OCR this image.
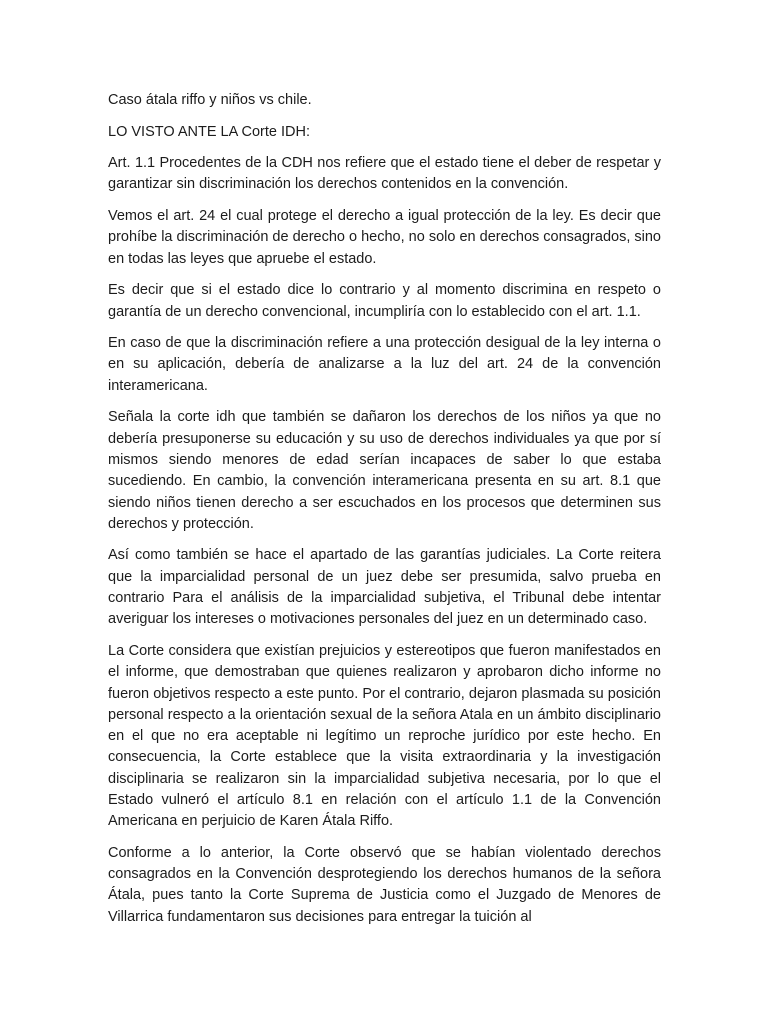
Caso átala riffo y niños vs chile.

LO VISTO ANTE LA Corte IDH:

Art. 1.1 Procedentes de la CDH nos refiere que el estado tiene el deber de respetar y garantizar sin discriminación los derechos contenidos en la convención.

Vemos el art. 24 el cual protege el derecho a igual protección de la ley. Es decir que prohíbe la discriminación de derecho o hecho, no solo en derechos consagrados, sino en todas las leyes que apruebe el estado.

Es decir que si el estado dice lo contrario y al momento discrimina en respeto o garantía de un derecho convencional, incumpliría con lo establecido con el art. 1.1.

En caso de que la discriminación refiere a una protección desigual de la ley interna o en su aplicación, debería de analizarse a la luz del art. 24 de la convención interamericana.

Señala la corte idh que también se dañaron los derechos de los niños ya que no debería presuponerse su educación y su uso de derechos individuales ya que por sí mismos siendo menores de edad serían incapaces de saber lo que estaba sucediendo. En cambio, la convención interamericana presenta en su art. 8.1 que siendo niños tienen derecho a ser escuchados en los procesos que determinen sus derechos y protección.

Así como también se hace el apartado de las garantías judiciales. La Corte reitera que la imparcialidad personal de un juez debe ser presumida, salvo prueba en contrario Para el análisis de la imparcialidad subjetiva, el Tribunal debe intentar averiguar los intereses o motivaciones personales del juez en un determinado caso.

La Corte considera que existían prejuicios y estereotipos que fueron manifestados en el informe, que demostraban que quienes realizaron y aprobaron dicho informe no fueron objetivos respecto a este punto. Por el contrario, dejaron plasmada su posición personal respecto a la orientación sexual de la señora Atala en un ámbito disciplinario en el que no era aceptable ni legítimo un reproche jurídico por este hecho. En consecuencia, la Corte establece que la visita extraordinaria y la investigación disciplinaria se realizaron sin la imparcialidad subjetiva necesaria, por lo que el Estado vulneró el artículo 8.1 en relación con el artículo 1.1 de la Convención Americana en perjuicio de Karen Átala Riffo.

Conforme a lo anterior, la Corte observó que se habían violentado derechos consagrados en la Convención desprotegiendo los derechos humanos de la señora Átala, pues tanto la Corte Suprema de Justicia como el Juzgado de Menores de Villarrica fundamentaron sus decisiones para entregar la tuición al
